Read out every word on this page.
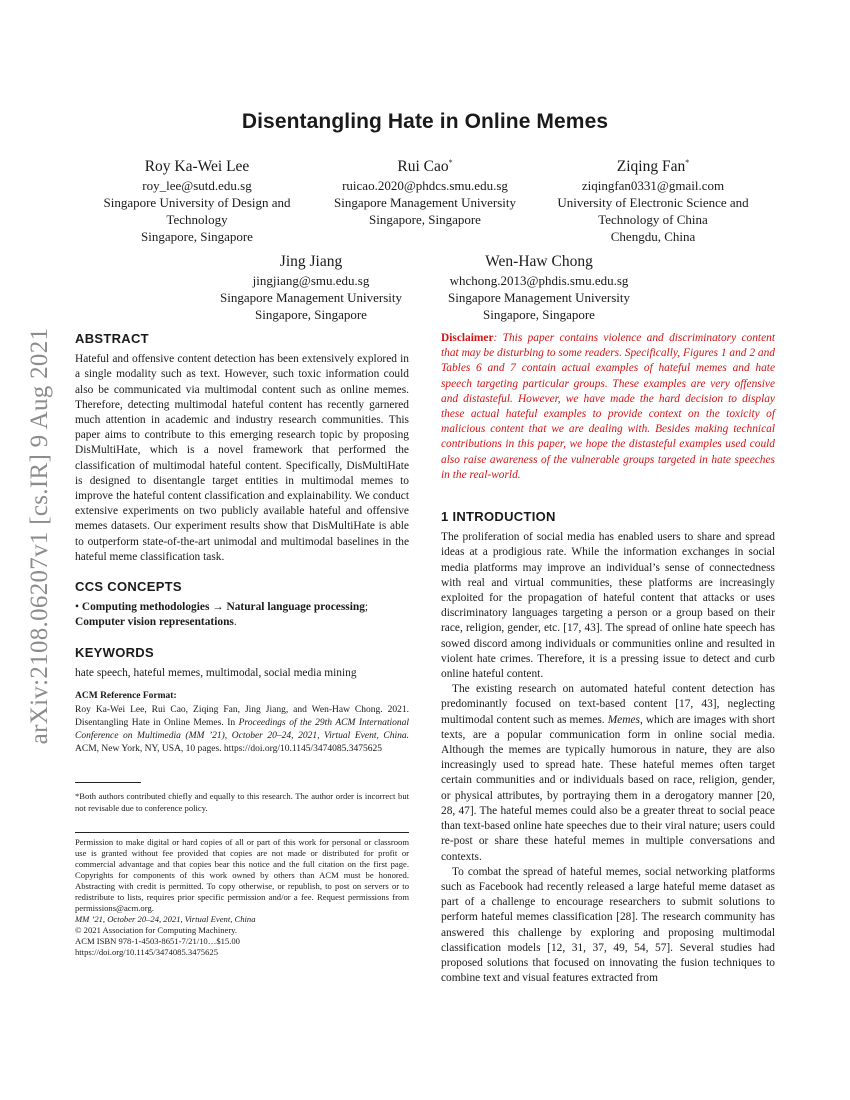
arXiv:2108.06207v1 [cs.IR] 9 Aug 2021
Disentangling Hate in Online Memes
Roy Ka-Wei Lee
roy_lee@sutd.edu.sg
Singapore University of Design and
Technology
Singapore, Singapore
Rui Cao*
ruicao.2020@phdcs.smu.edu.sg
Singapore Management University
Singapore, Singapore
Ziqing Fan*
ziqingfan0331@gmail.com
University of Electronic Science and
Technology of China
Chengdu, China
Jing Jiang
jingjiang@smu.edu.sg
Singapore Management University
Singapore, Singapore
Wen-Haw Chong
whchong.2013@phdis.smu.edu.sg
Singapore Management University
Singapore, Singapore
ABSTRACT

Hateful and offensive content detection has been extensively explored in a single modality such as text. However, such toxic information could also be communicated via multimodal content such as online memes. Therefore, detecting multimodal hateful content has recently garnered much attention in academic and industry research communities. This paper aims to contribute to this emerging research topic by proposing DisMultiHate, which is a novel framework that performed the classification of multimodal hateful content. Specifically, DisMultiHate is designed to disentangle target entities in multimodal memes to improve the hateful content classification and explainability. We conduct extensive experiments on two publicly available hateful and offensive memes datasets. Our experiment results show that DisMultiHate is able to outperform state-of-the-art unimodal and multimodal baselines in the hateful meme classification task.

CCS CONCEPTS

• Computing methodologies → Natural language processing; Computer vision representations.

KEYWORDS

hate speech, hateful memes, multimodal, social media mining

ACM Reference Format:

Roy Ka-Wei Lee, Rui Cao, Ziqing Fan, Jing Jiang, and Wen-Haw Chong. 2021. Disentangling Hate in Online Memes. In Proceedings of the 29th ACM International Conference on Multimedia (MM ’21), October 20–24, 2021, Virtual Event, China. ACM, New York, NY, USA, 10 pages. https://doi.org/10.1145/3474085.3475625

*Both authors contributed chiefly and equally to this research. The author order is incorrect but not revisable due to conference policy.

Permission to make digital or hard copies of all or part of this work for personal or classroom use is granted without fee provided that copies are not made or distributed for profit or commercial advantage and that copies bear this notice and the full citation on the first page. Copyrights for components of this work owned by others than ACM must be honored. Abstracting with credit is permitted. To copy otherwise, or republish, to post on servers or to redistribute to lists, requires prior specific permission and/or a fee. Request permissions from permissions@acm.org.

MM ’21, October 20–24, 2021, Virtual Event, China
© 2021 Association for Computing Machinery.
ACM ISBN 978-1-4503-8651-7/21/10…$15.00
https://doi.org/10.1145/3474085.3475625

Disclaimer: This paper contains violence and discriminatory content that may be disturbing to some readers. Specifically, Figures 1 and 2 and Tables 6 and 7 contain actual examples of hateful memes and hate speech targeting particular groups. These examples are very offensive and distasteful. However, we have made the hard decision to display these actual hateful examples to provide context on the toxicity of malicious content that we are dealing with. Besides making technical contributions in this paper, we hope the distasteful examples used could also raise awareness of the vulnerable groups targeted in hate speeches in the real-world.

1 INTRODUCTION

The proliferation of social media has enabled users to share and spread ideas at a prodigious rate. While the information exchanges in social media platforms may improve an individual’s sense of connectedness with real and virtual communities, these platforms are increasingly exploited for the propagation of hateful content that attacks or uses discriminatory languages targeting a person or a group based on their race, religion, gender, etc. [17, 43]. The spread of online hate speech has sowed discord among individuals or communities online and resulted in violent hate crimes. Therefore, it is a pressing issue to detect and curb online hateful content.

The existing research on automated hateful content detection has predominantly focused on text-based content [17, 43], neglecting multimodal content such as memes. Memes, which are images with short texts, are a popular communication form in online social media. Although the memes are typically humorous in nature, they are also increasingly used to spread hate. These hateful memes often target certain communities and or individuals based on race, religion, gender, or physical attributes, by portraying them in a derogatory manner [20, 28, 47]. The hateful memes could also be a greater threat to social peace than text-based online hate speeches due to their viral nature; users could re-post or share these hateful memes in multiple conversations and contexts.

To combat the spread of hateful memes, social networking platforms such as Facebook had recently released a large hateful meme dataset as part of a challenge to encourage researchers to submit solutions to perform hateful memes classification [28]. The research community has answered this challenge by exploring and proposing multimodal classification models [12, 31, 37, 49, 54, 57]. Several studies had proposed solutions that focused on innovating the fusion techniques to combine text and visual features extracted from
